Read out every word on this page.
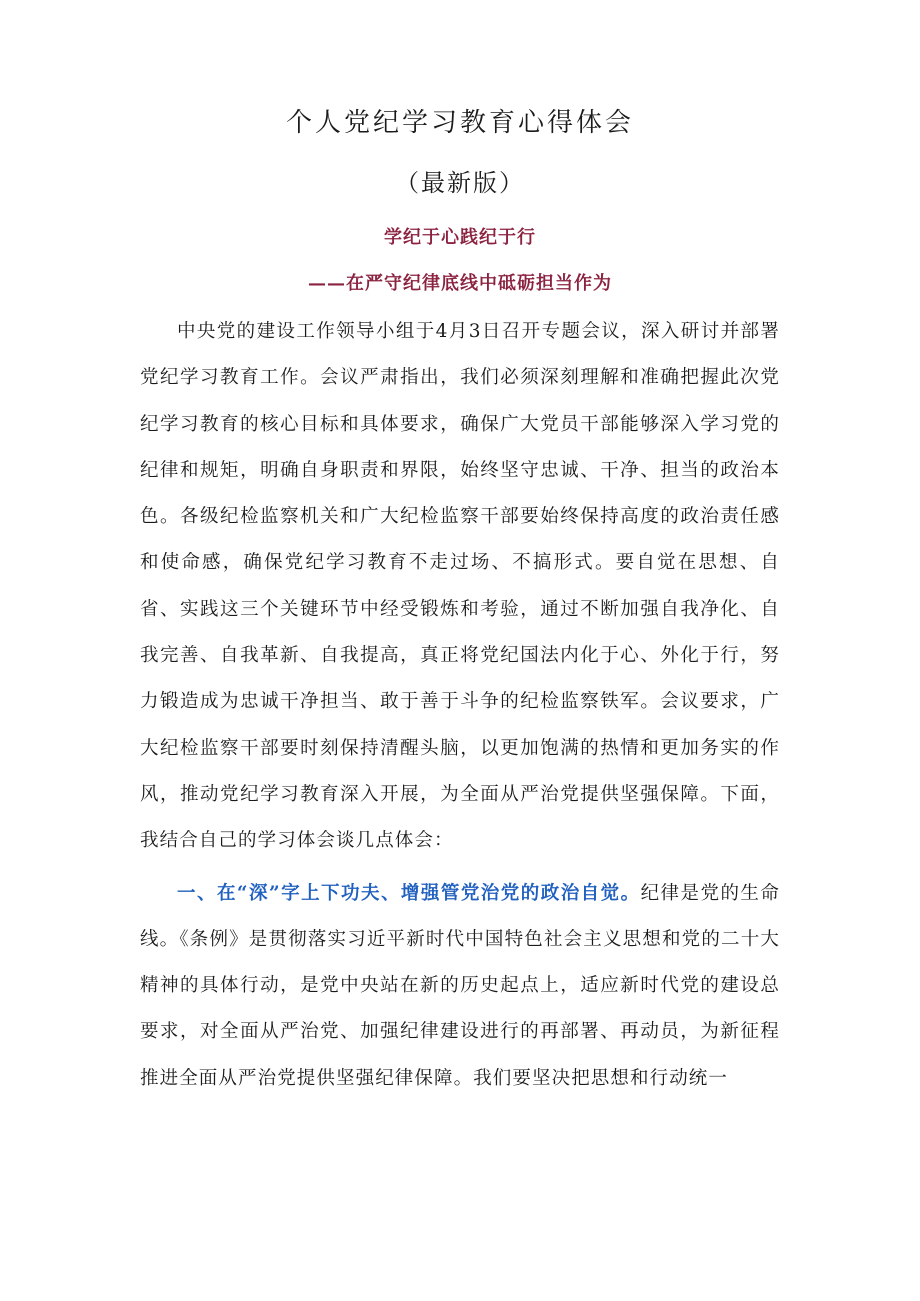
个人党纪学习教育心得体会
（最新版）
学纪于心践纪于行
——在严守纪律底线中砥砺担当作为

中央党的建设工作领导小组于4月3日召开专题会议，深入研讨并部署党纪学习教育工作。会议严肃指出，我们必须深刻理解和准确把握此次党纪学习教育的核心目标和具体要求，确保广大党员干部能够深入学习党的纪律和规矩，明确自身职责和界限，始终坚守忠诚、干净、担当的政治本色。各级纪检监察机关和广大纪检监察干部要始终保持高度的政治责任感和使命感，确保党纪学习教育不走过场、不搞形式。要自觉在思想、自省、实践这三个关键环节中经受锻炼和考验，通过不断加强自我净化、自我完善、自我革新、自我提高，真正将党纪国法内化于心、外化于行，努力锻造成为忠诚干净担当、敢于善于斗争的纪检监察铁军。会议要求，广大纪检监察干部要时刻保持清醒头脑，以更加饱满的热情和更加务实的作风，推动党纪学习教育深入开展，为全面从严治党提供坚强保障。下面，我结合自己的学习体会谈几点体会：

一、在“深”字上下功夫、增强管党治党的政治自觉。纪律是党的生命线。《条例》是贯彻落实习近平新时代中国特色社会主义思想和党的二十大精神的具体行动，是党中央站在新的历史起点上，适应新时代党的建设总要求，对全面从严治党、加强纪律建设进行的再部署、再动员，为新征程推进全面从严治党提供坚强纪律保障。我们要坚决把思想和行动统一
